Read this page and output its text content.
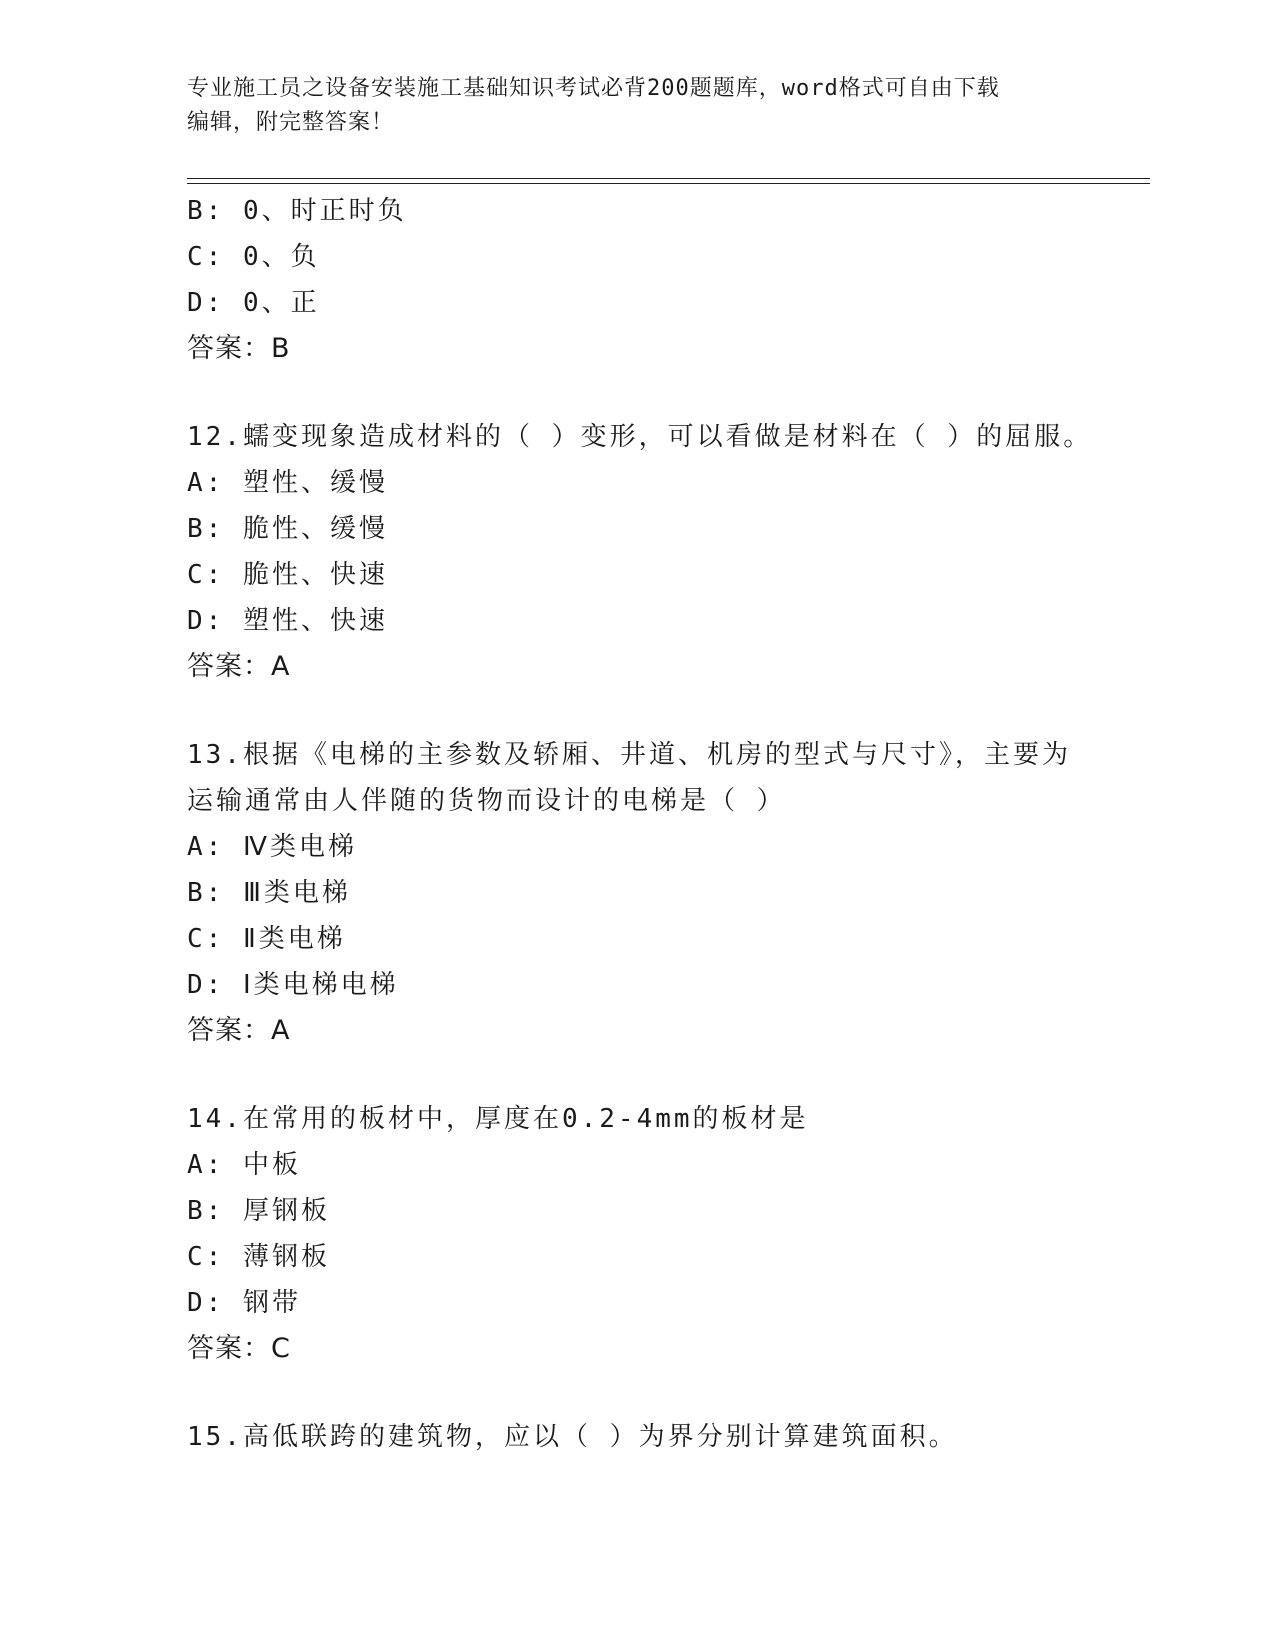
专业施工员之设备安装施工基础知识考试必背200题题库，word格式可自由下载
编辑，附完整答案！
B: 0、时正时负
C: 0、负
D: 0、正
答案：B
12.蠕变现象造成材料的（ ）变形，可以看做是材料在（ ）的屈服。
A: 塑性、缓慢
B: 脆性、缓慢
C: 脆性、快速
D: 塑性、快速
答案：A
13.根据《电梯的主参数及轿厢、井道、机房的型式与尺寸》，主要为
运输通常由人伴随的货物而设计的电梯是（ ）
A: Ⅳ类电梯
B: Ⅲ类电梯
C: Ⅱ类电梯
D: Ⅰ类电梯电梯
答案：A
14.在常用的板材中，厚度在0.2-4mm的板材是
A: 中板
B: 厚钢板
C: 薄钢板
D: 钢带
答案：C
15.高低联跨的建筑物，应以（ ）为界分别计算建筑面积。
